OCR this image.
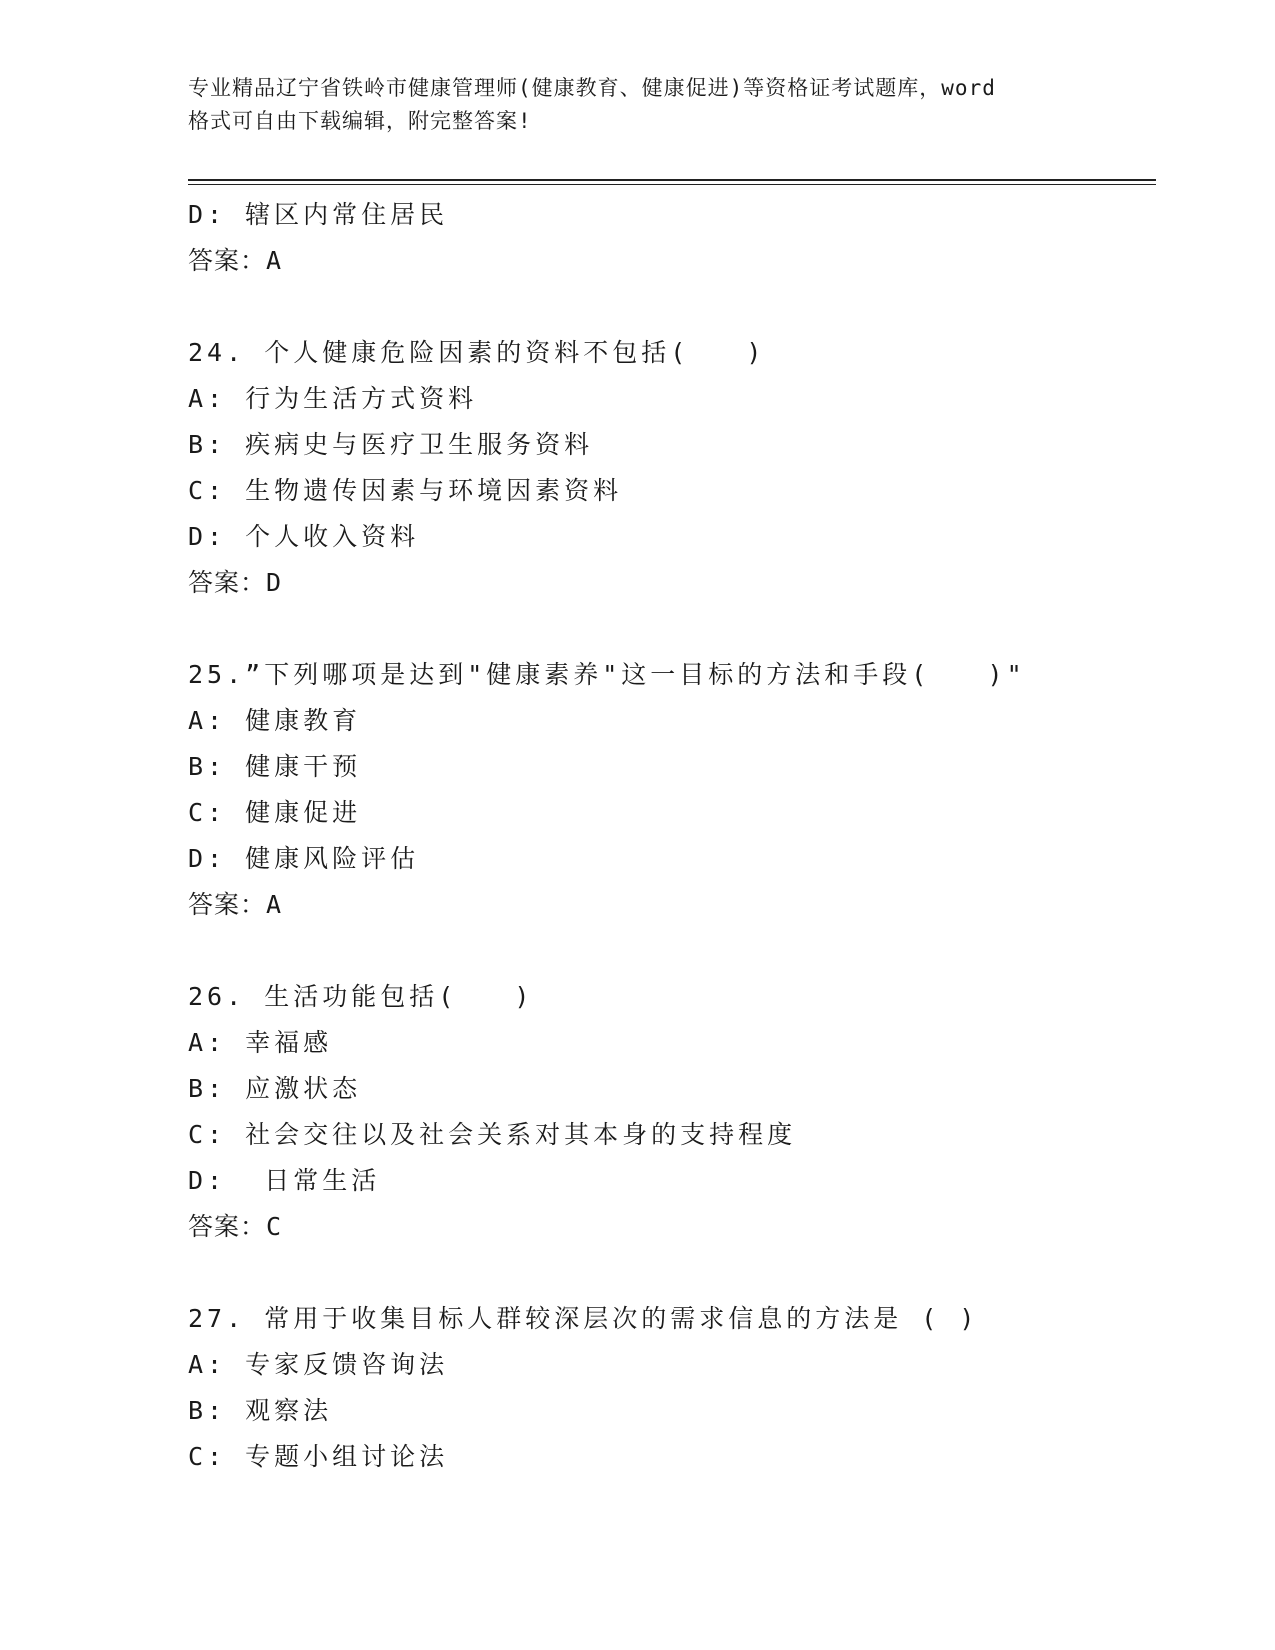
专业精品辽宁省铁岭市健康管理师(健康教育、健康促进)等资格证考试题库，word
格式可自由下载编辑，附完整答案!
D: 辖区内常住居民
答案：A
24. 个人健康危险因素的资料不包括(   )
A: 行为生活方式资料
B: 疾病史与医疗卫生服务资料
C: 生物遗传因素与环境因素资料
D: 个人收入资料
答案：D
25.”下列哪项是达到"健康素养"这一目标的方法和手段(   )"
A: 健康教育
B: 健康干预
C: 健康促进
D: 健康风险评估
答案：A
26. 生活功能包括(   )
A: 幸福感
B: 应激状态
C: 社会交往以及社会关系对其本身的支持程度
D:  日常生活
答案：C
27. 常用于收集目标人群较深层次的需求信息的方法是 ( )
A: 专家反馈咨询法
B: 观察法
C: 专题小组讨论法
